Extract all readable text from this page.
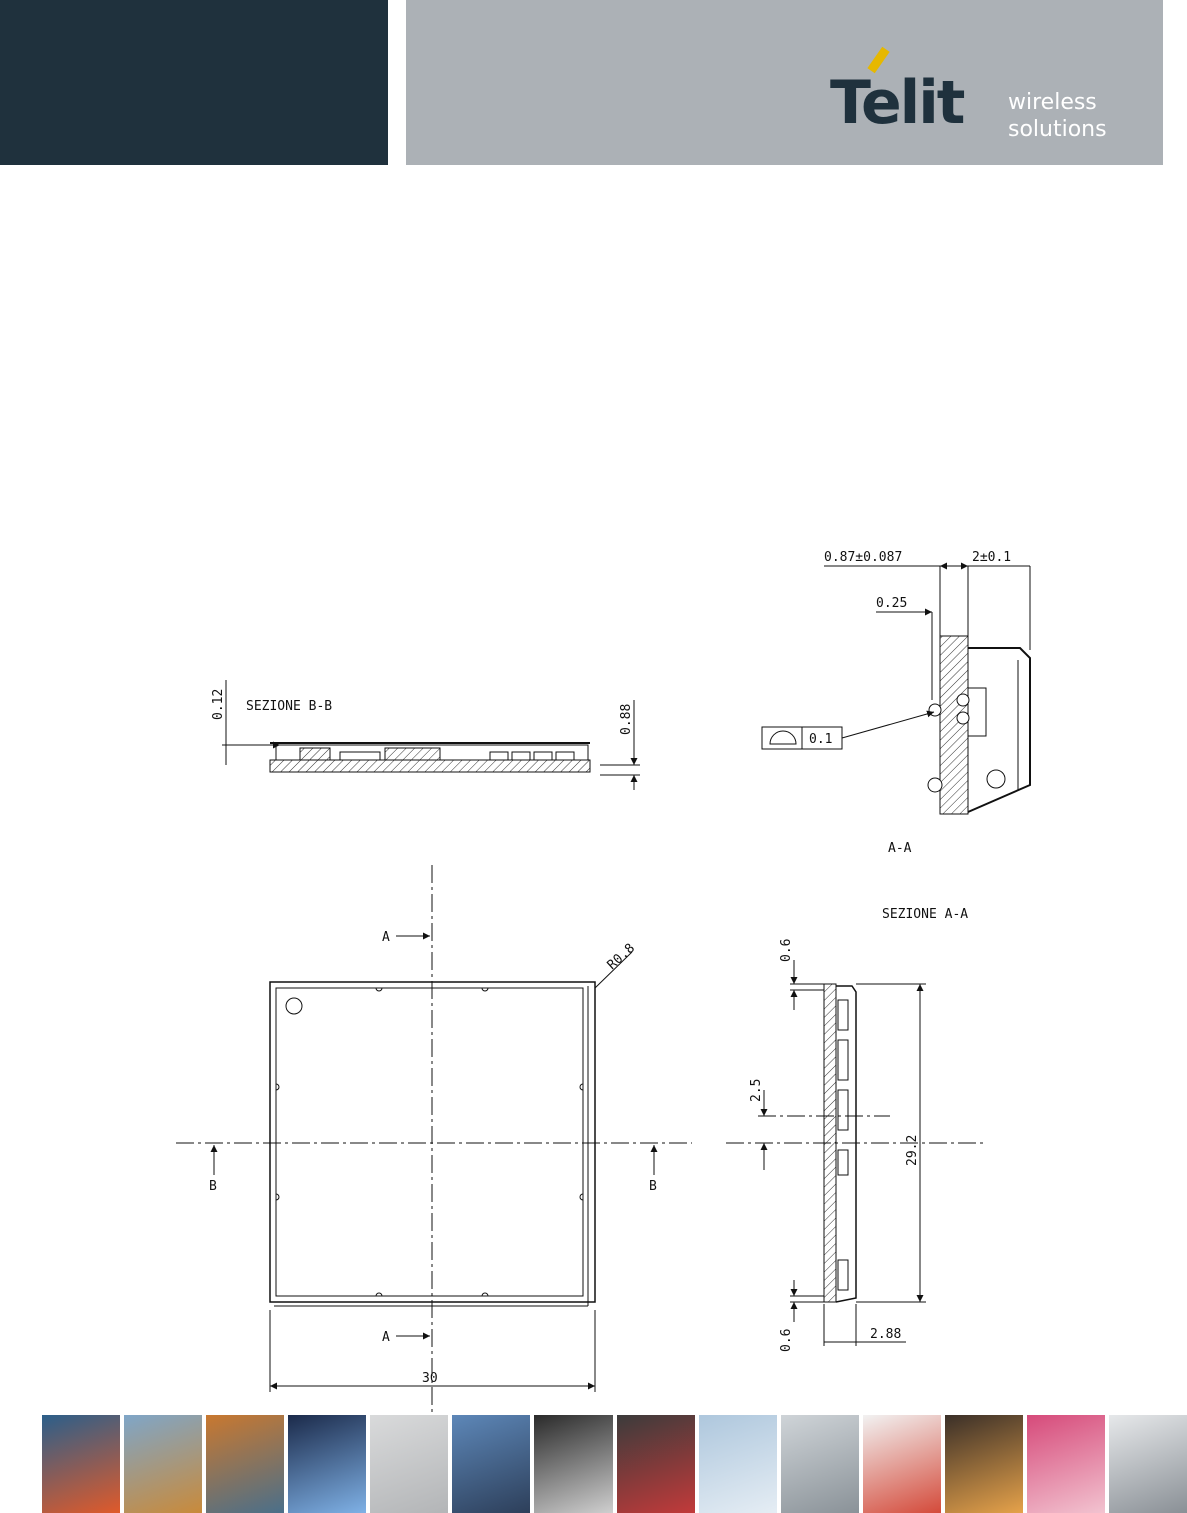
Telit wireless
solutions
SEZIONE B-B
0.12	0.88
0.87±0.087	2±0.1
0.25
0.1
A-A
R0.8
A
A
B	B
30
SEZIONE A-A
0.6
0.6
2.5
29.2
2.88
